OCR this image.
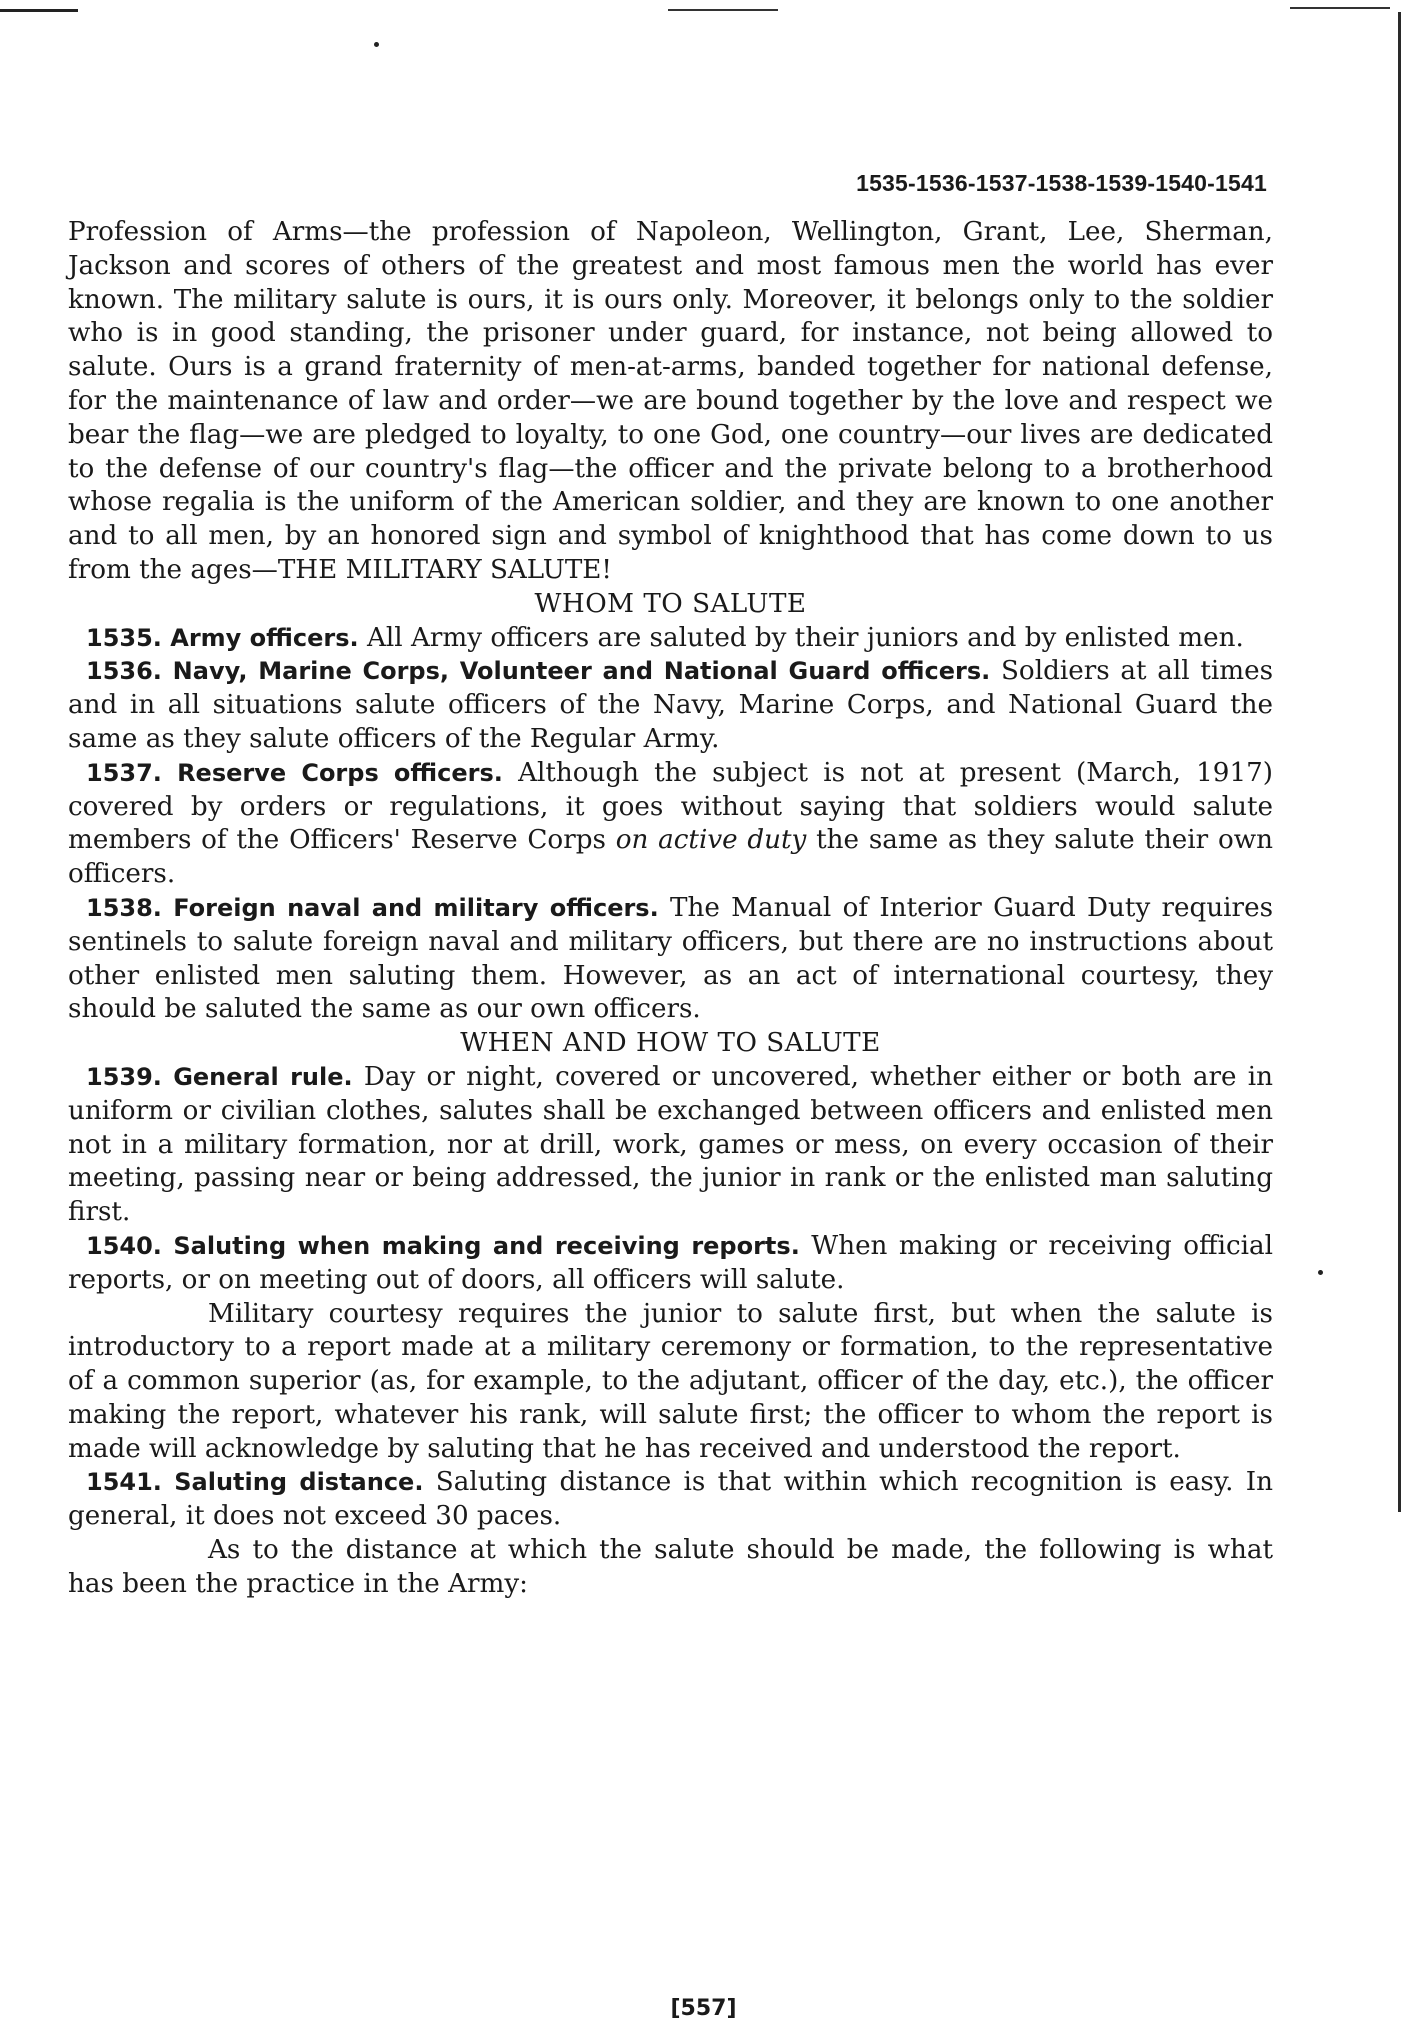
1535-1536-1537-1538-1539-1540-1541

Profession of Arms—the profession of Napoleon, Wellington, Grant, Lee, Sherman, Jackson and scores of others of the greatest and most famous men the world has ever known. The military salute is ours, it is ours only. Moreover, it belongs only to the soldier who is in good standing, the prisoner under guard, for instance, not being allowed to salute. Ours is a grand fraternity of men-at-arms, banded together for national defense, for the maintenance of law and order—we are bound together by the love and respect we bear the flag—we are pledged to loyalty, to one God, one country—our lives are dedicated to the defense of our country's flag—the officer and the private belong to a brotherhood whose regalia is the uniform of the American soldier, and they are known to one another and to all men, by an honored sign and symbol of knighthood that has come down to us from the ages—THE MILITARY SALUTE!

WHOM TO SALUTE

1535. Army officers. All Army officers are saluted by their juniors and by enlisted men.

1536. Navy, Marine Corps, Volunteer and National Guard officers. Soldiers at all times and in all situations salute officers of the Navy, Marine Corps, and National Guard the same as they salute officers of the Regular Army.

1537. Reserve Corps officers. Although the subject is not at present (March, 1917) covered by orders or regulations, it goes without saying that soldiers would salute members of the Officers' Reserve Corps on active duty the same as they salute their own officers.

1538. Foreign naval and military officers. The Manual of Interior Guard Duty requires sentinels to salute foreign naval and military officers, but there are no instructions about other enlisted men saluting them. However, as an act of international courtesy, they should be saluted the same as our own officers.

WHEN AND HOW TO SALUTE

1539. General rule. Day or night, covered or uncovered, whether either or both are in uniform or civilian clothes, salutes shall be exchanged between officers and enlisted men not in a military formation, nor at drill, work, games or mess, on every occasion of their meeting, passing near or being addressed, the junior in rank or the enlisted man saluting first.

1540. Saluting when making and receiving reports. When making or receiving official reports, or on meeting out of doors, all officers will salute.

Military courtesy requires the junior to salute first, but when the salute is introductory to a report made at a military ceremony or formation, to the representative of a common superior (as, for example, to the adjutant, officer of the day, etc.), the officer making the report, whatever his rank, will salute first; the officer to whom the report is made will acknowledge by saluting that he has received and understood the report.

1541. Saluting distance. Saluting distance is that within which recognition is easy. In general, it does not exceed 30 paces.

As to the distance at which the salute should be made, the following is what has been the practice in the Army:

[557]
